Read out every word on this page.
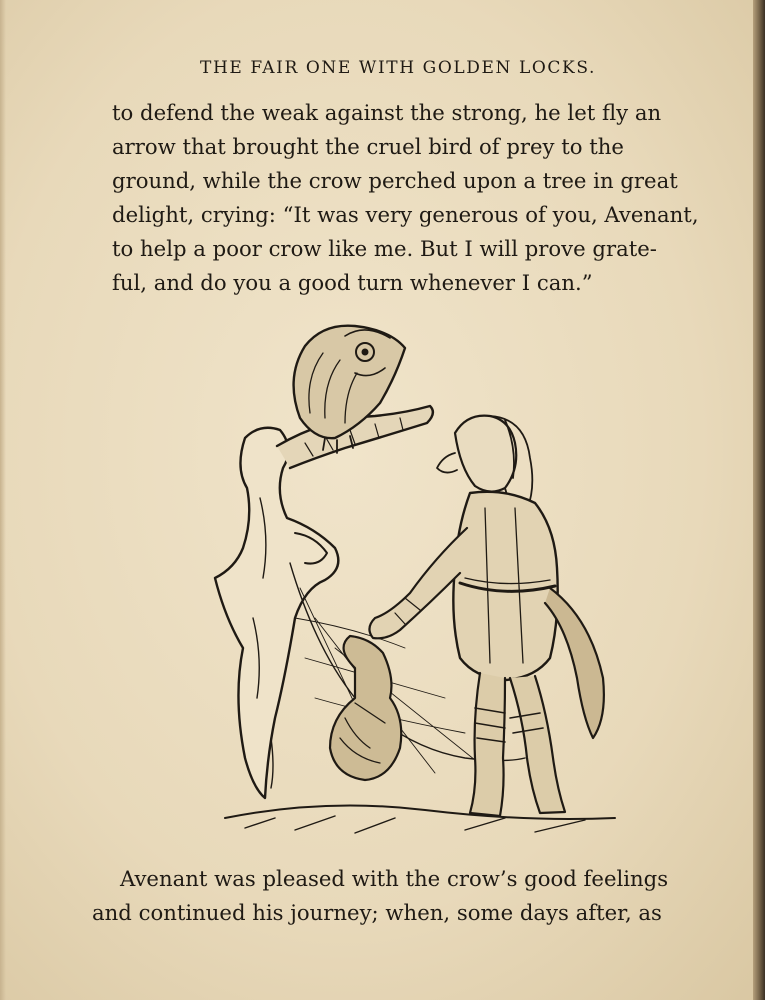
THE FAIR ONE WITH GOLDEN LOCKS.

to defend the weak against the strong, he let fly an
arrow that brought the cruel bird of prey to the
ground, while the crow perched upon a tree in great
delight, crying: “It was very generous of you, Avenant,
to help a poor crow like me. But I will prove grate-
ful, and do you a good turn whenever I can.”

Avenant was pleased with the crow’s good feelings
and continued his journey; when, some days after, as
